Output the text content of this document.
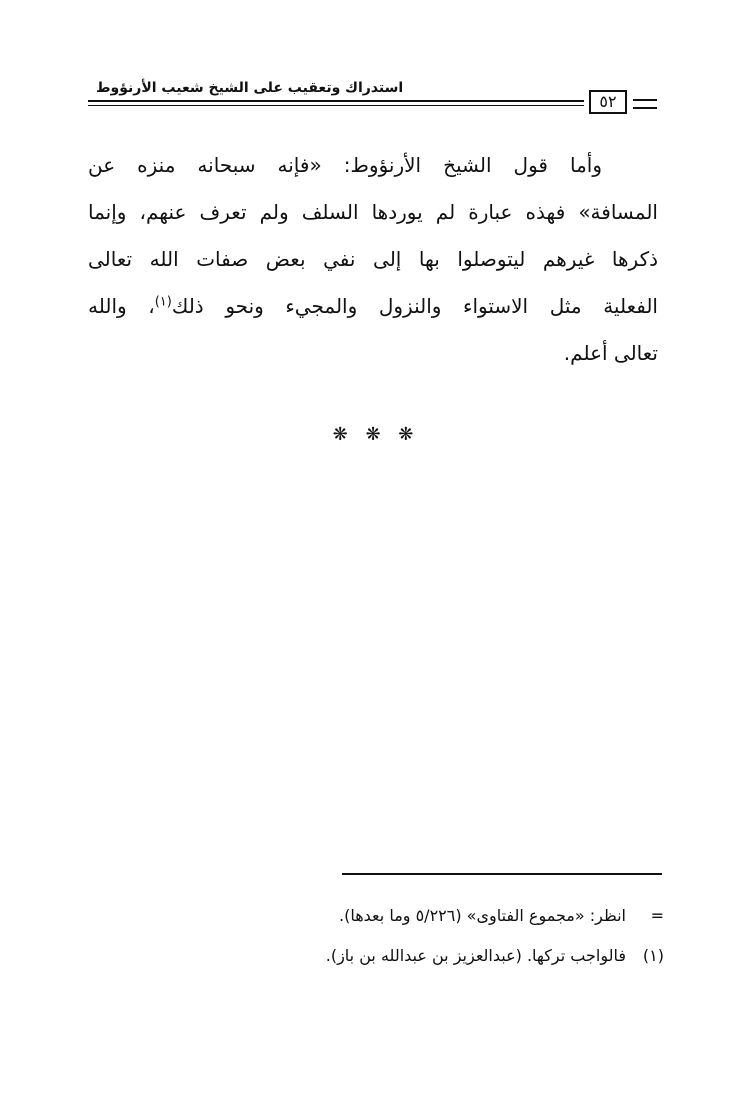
استدراك وتعقيب على الشيخ شعيب الأرنؤوط
٥٢
وأما قول الشيخ الأرنؤوط: «فإنه سبحانه منزه عن
المسافة» فهذه عبارة لم يوردها السلف ولم تعرف عنهم، وإنما
ذكرها غيرهم ليتوصلوا بها إلى نفي بعض صفات الله تعالى
الفعلية مثل الاستواء والنزول والمجيء ونحو ذلك$^{(١)}$، والله
تعالى أعلم.
❋ ❋ ❋
=انظر: «مجموع الفتاوى» (٥/٢٢٦ وما بعدها).
(١)فالواجب تركها. (عبدالعزيز بن عبدالله بن باز).
